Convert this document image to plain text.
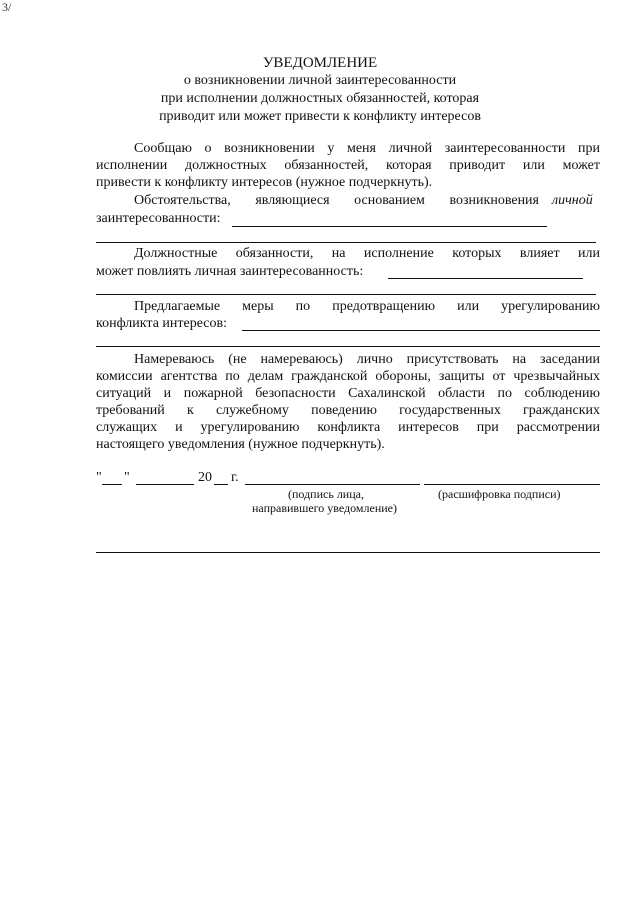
3/
УВЕДОМЛЕНИЕ
о возникновении личной заинтересованности
при исполнении должностных обязанностей, которая
приводит или может привести к конфликту интересов
Сообщаю о возникновении у меня личной заинтересованности при
исполнении должностных обязанностей, которая приводит или может
привести к конфликту интересов (нужное подчеркнуть).
Обстоятельства, являющиеся основанием возникновения личной
заинтересованности:
Должностные обязанности, на исполнение которых влияет или
может повлиять личная заинтересованность:
Предлагаемые меры по предотвращению или урегулированию
конфликта интересов:
Намереваюсь (не намереваюсь) лично присутствовать на заседании
комиссии агентства по делам гражданской обороны, защиты от чрезвычайных
ситуаций и пожарной безопасности Сахалинской области по соблюдению
требований к служебному поведению государственных гражданских
служащих и урегулированию конфликта интересов при рассмотрении
настоящего уведомления (нужное подчеркнуть).
" "	20 г.
(подпись лица,
направившего уведомление)
(расшифровка подписи)
